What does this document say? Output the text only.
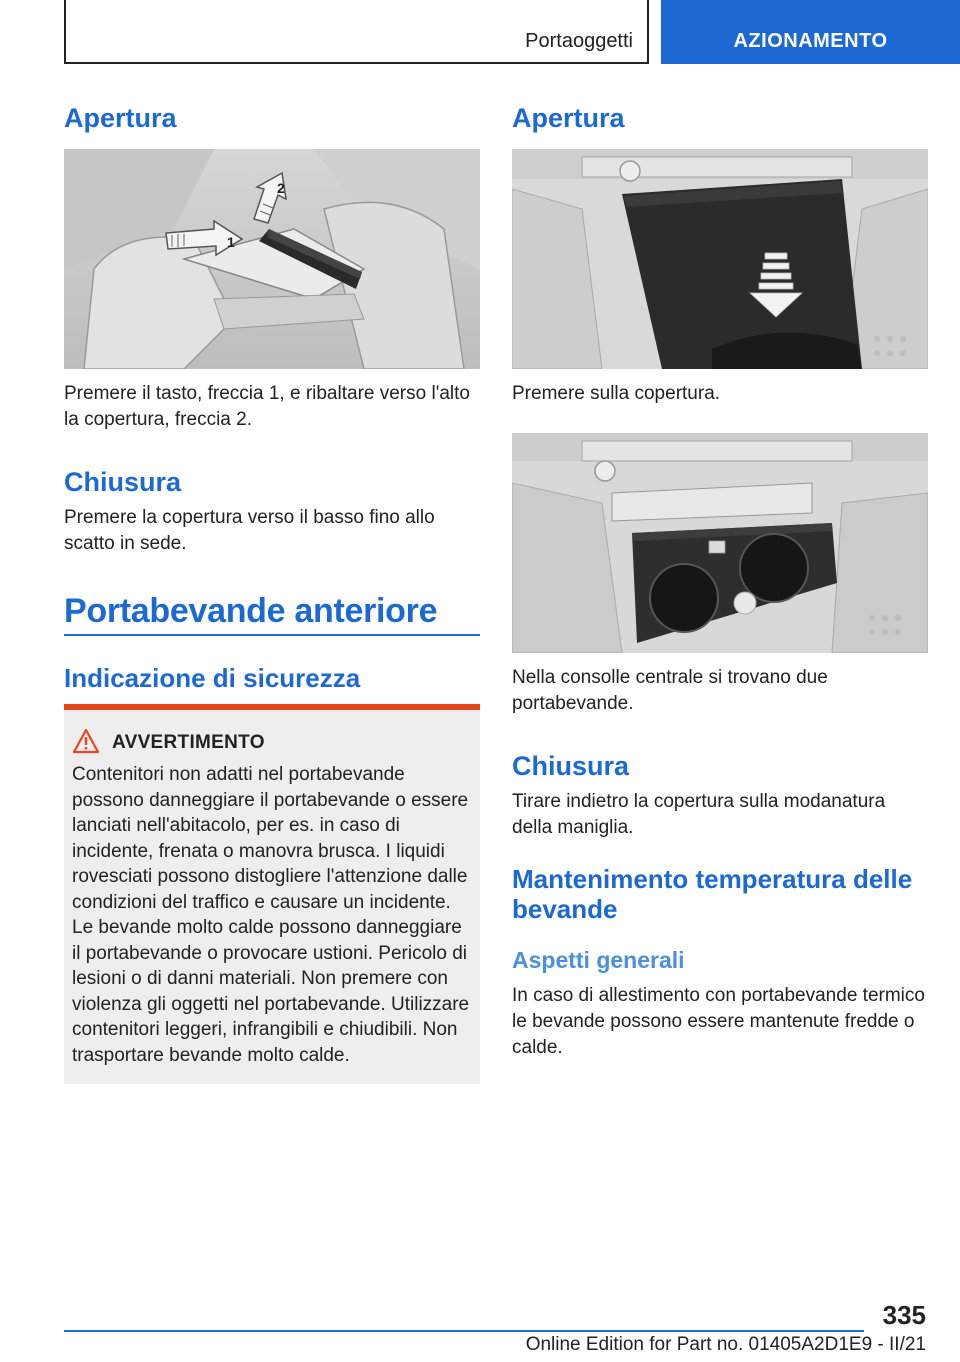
Portaoggetti	AZIONAMENTO
Apertura
1
2

Premere il tasto, freccia 1, e ribaltare verso l'alto la copertura, freccia 2.

Chiusura

Premere la copertura verso il basso fino allo scatto in sede.

Portabevande anteriore
Indicazione di sicurezza
AVVERTIMENTO
Contenitori non adatti nel portabevande possono danneggiare il portabevande o essere lanciati nell'abitacolo, per es. in caso di incidente, frenata o manovra brusca. I liquidi rovesciati possono distogliere l'attenzione dalle condizioni del traffico e causare un incidente. Le bevande molto calde possono danneggiare il portabevande o provocare ustioni. Pericolo di lesioni o di danni materiali. Non premere con violenza gli oggetti nel portabevande. Utilizzare contenitori leggeri, infrangibili e chiudibili. Non trasportare bevande molto calde.
Apertura

Premere sulla copertura.

Nella consolle centrale si trovano due portabevande.

Chiusura

Tirare indietro la copertura sulla modanatura della maniglia.

Mantenimento temperatura delle bevande
Aspetti generali

In caso di allestimento con portabevande termico le bevande possono essere mantenute fredde o calde.

335
Online Edition for Part no. 01405A2D1E9 - II/21
